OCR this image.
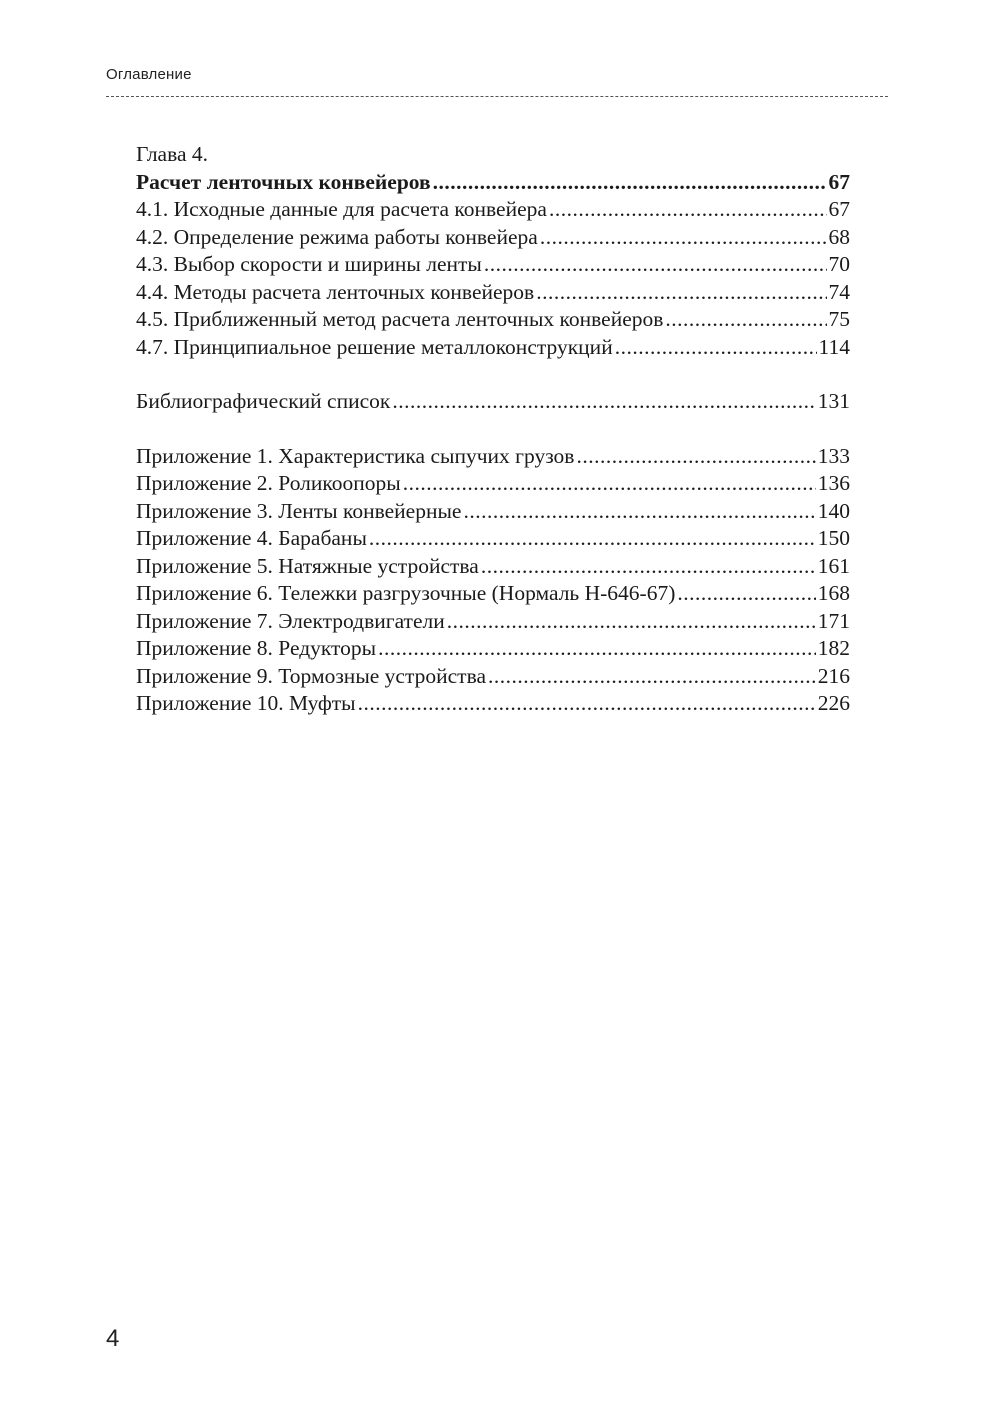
Оглавление
Глава 4.
Расчет ленточных конвейеров .....	67
4.1. Исходные данные для расчета конвейера .....	67
4.2. Определение режима работы конвейера .....	68
4.3. Выбор скорости и ширины ленты .....	70
4.4. Методы расчета ленточных конвейеров .....	74
4.5. Приближенный метод расчета ленточных конвейеров .....	75
4.7. Принципиальное решение металлоконструкций .....	114
Библиографический список .....	131
Приложение 1. Характеристика сыпучих грузов .....	133
Приложение 2. Роликоопоры .....	136
Приложение 3. Ленты конвейерные .....	140
Приложение 4. Барабаны .....	150
Приложение 5. Натяжные устройства .....	161
Приложение 6. Тележки разгрузочные (Нормаль Н-646-67) .....	168
Приложение 7. Электродвигатели .....	171
Приложение 8. Редукторы .....	182
Приложение 9. Тормозные устройства .....	216
Приложение 10. Муфты .....	226
4
